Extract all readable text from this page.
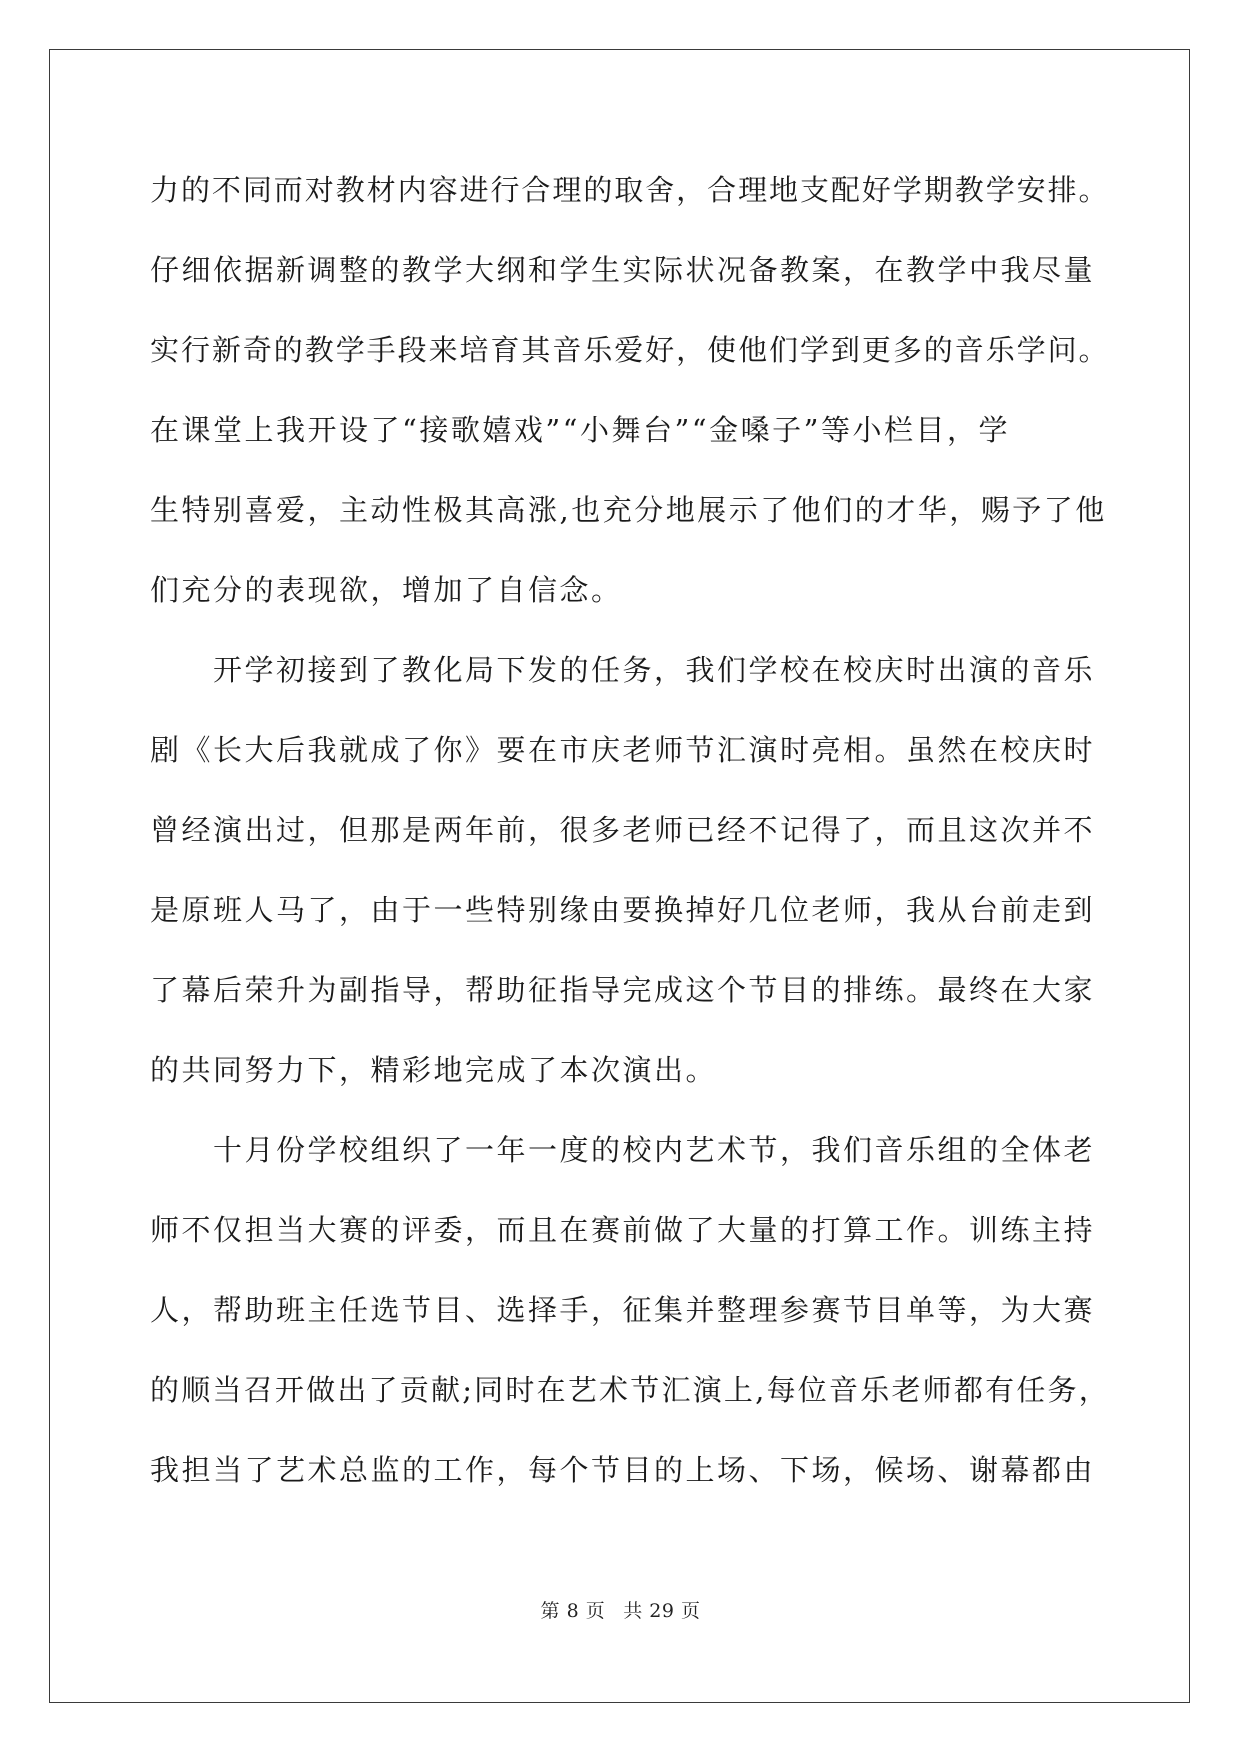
力的不同而对教材内容进行合理的取舍，合理地支配好学期教学安排。
仔细依据新调整的教学大纲和学生实际状况备教案，在教学中我尽量
实行新奇的教学手段来培育其音乐爱好，使他们学到更多的音乐学问。
在课堂上我开设了“接歌嬉戏”“小舞台”“金嗓子”等小栏目，学
生特别喜爱，主动性极其高涨,也充分地展示了他们的才华，赐予了他
们充分的表现欲，增加了自信念。
开学初接到了教化局下发的任务，我们学校在校庆时出演的音乐
剧《长大后我就成了你》要在市庆老师节汇演时亮相。虽然在校庆时
曾经演出过，但那是两年前，很多老师已经不记得了，而且这次并不
是原班人马了，由于一些特别缘由要换掉好几位老师，我从台前走到
了幕后荣升为副指导，帮助征指导完成这个节目的排练。最终在大家
的共同努力下，精彩地完成了本次演出。
十月份学校组织了一年一度的校内艺术节，我们音乐组的全体老
师不仅担当大赛的评委，而且在赛前做了大量的打算工作。训练主持
人，帮助班主任选节目、选择手，征集并整理参赛节目单等，为大赛
的顺当召开做出了贡献;同时在艺术节汇演上,每位音乐老师都有任务，
我担当了艺术总监的工作，每个节目的上场、下场，候场、谢幕都由
第 8 页 共 29 页
